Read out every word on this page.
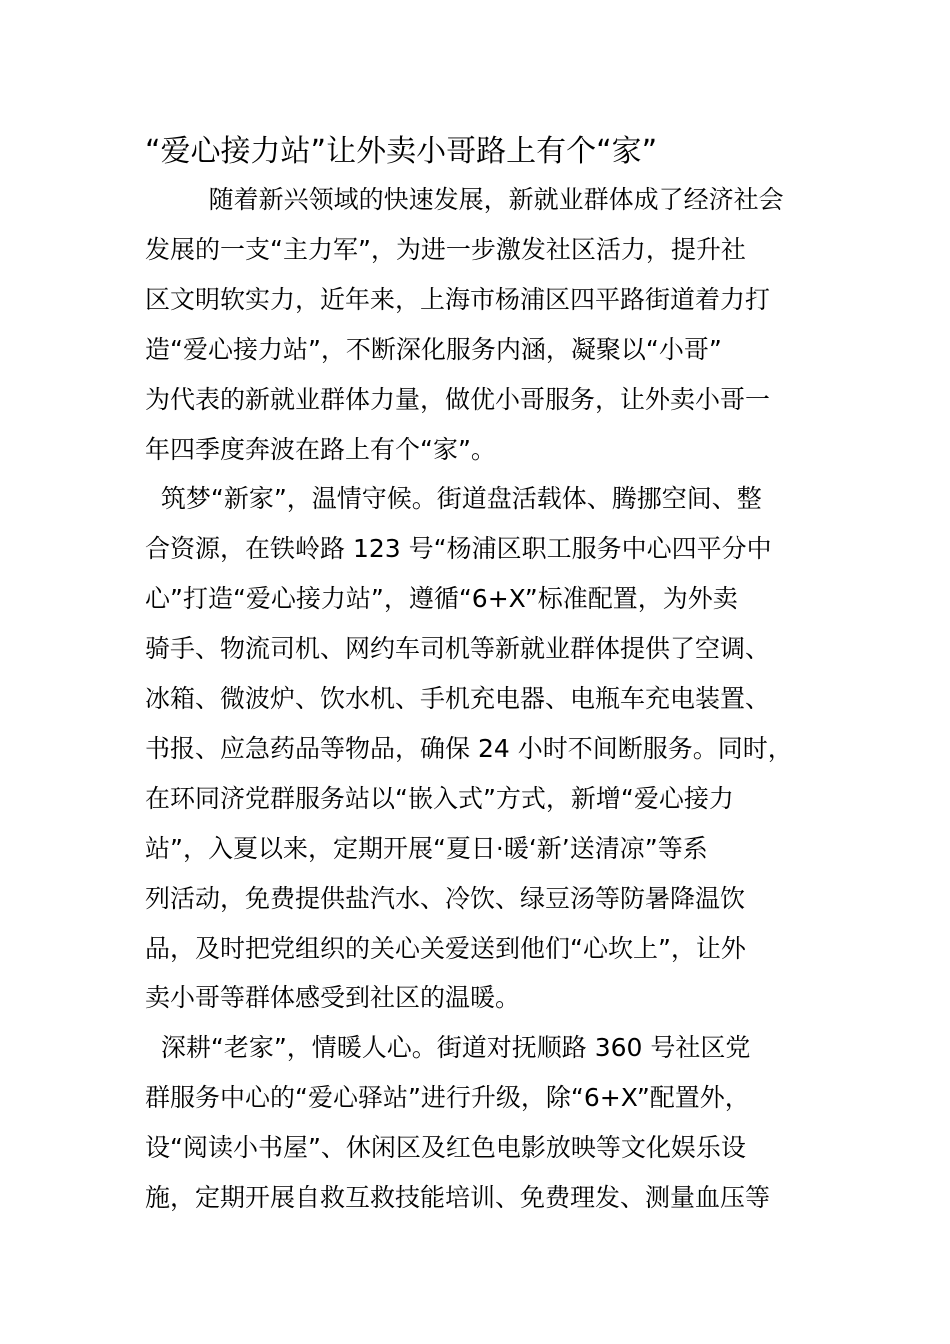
“爱心接力站”让外卖小哥路上有个“家”
随着新兴领域的快速发展，新就业群体成了经济社会
发展的一支“主力军”，为进一步激发社区活力，提升社
区文明软实力，近年来，上海市杨浦区四平路街道着力打
造“爱心接力站”，不断深化服务内涵，凝聚以“小哥”
为代表的新就业群体力量，做优小哥服务，让外卖小哥一
年四季度奔波在路上有个“家”。
筑梦“新家”，温情守候。街道盘活载体、腾挪空间、整
合资源，在铁岭路 123 号“杨浦区职工服务中心四平分中
心”打造“爱心接力站”，遵循“6+X”标准配置，为外卖
骑手、物流司机、网约车司机等新就业群体提供了空调、
冰箱、微波炉、饮水机、手机充电器、电瓶车充电装置、
书报、应急药品等物品，确保 24 小时不间断服务。同时，
在环同济党群服务站以“嵌入式”方式，新增“爱心接力
站”，入夏以来，定期开展“夏日·暖‘新’送清凉”等系
列活动，免费提供盐汽水、冷饮、绿豆汤等防暑降温饮
品，及时把党组织的关心关爱送到他们“心坎上”，让外
卖小哥等群体感受到社区的温暖。
深耕“老家”，情暖人心。街道对抚顺路 360 号社区党
群服务中心的“爱心驿站”进行升级，除“6+X”配置外，
设“阅读小书屋”、休闲区及红色电影放映等文化娱乐设
施，定期开展自救互救技能培训、免费理发、测量血压等
